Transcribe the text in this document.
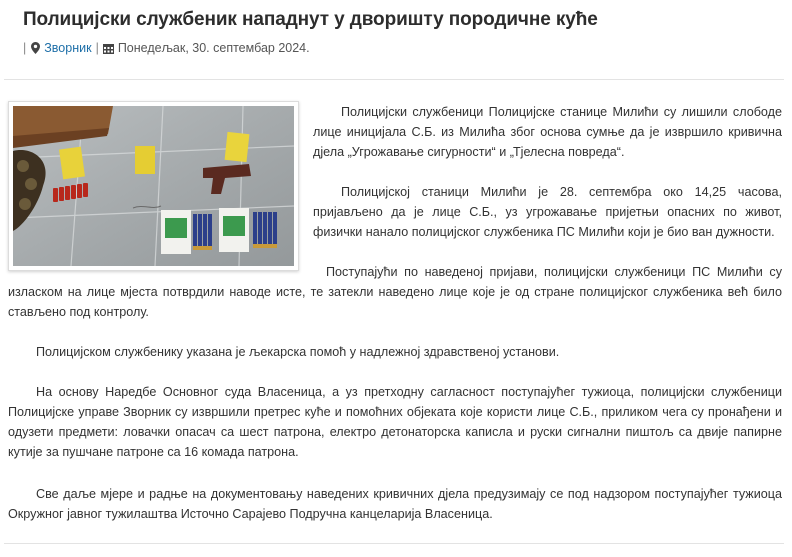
Полицијски службеник нападнут у дворишту породичне куће
| Зворник | Понедељак, 30. септембар 2024.

Полицијски службеници Полицијске станице Милићи су лишили слободе лице иницијала С.Б. из Милића због основа сумње да је извршило кривична дјела „Угрожавање сигурности“ и „Тјелесна повреда“.

Полицијској станици Милићи је 28. септембра око 14,25 часова, пријављено да је лице С.Б., уз угрожавање пријетњи опасних по живот, физички нанало полицијског службеника ПС Милићи који је био ван дужности.

Поступајући по наведеној пријави, полицијски службеници ПС Милићи су изласком на лице мјеста потврдили наводе исте, те затекли наведено лице које је од стране полицијског службеника већ било стављено под контролу.

Полицијском службенику указана је љекарска помоћ у надлежној здравственој установи.

На основу Наредбе Основног суда Власеница, а уз претходну сагласност поступајућег тужиоца, полицијски службеници Полицијске управе Зворник су извршили претрес куће и помоћних објеката које користи лице С.Б., приликом чега су пронађени и одузети предмети: ловачки опасач са шест патрона, електро детонаторска каписла и руски сигнални пиштољ са двије папирне кутије за пушчане патроне са 16 комада патрона.

Све даље мјере и радње на документовању наведених кривичних дјела предузимају се под надзором поступајућег тужиоца Окружног јавног тужилаштва Источно Сарајево Подручна канцеларија Власеница.
